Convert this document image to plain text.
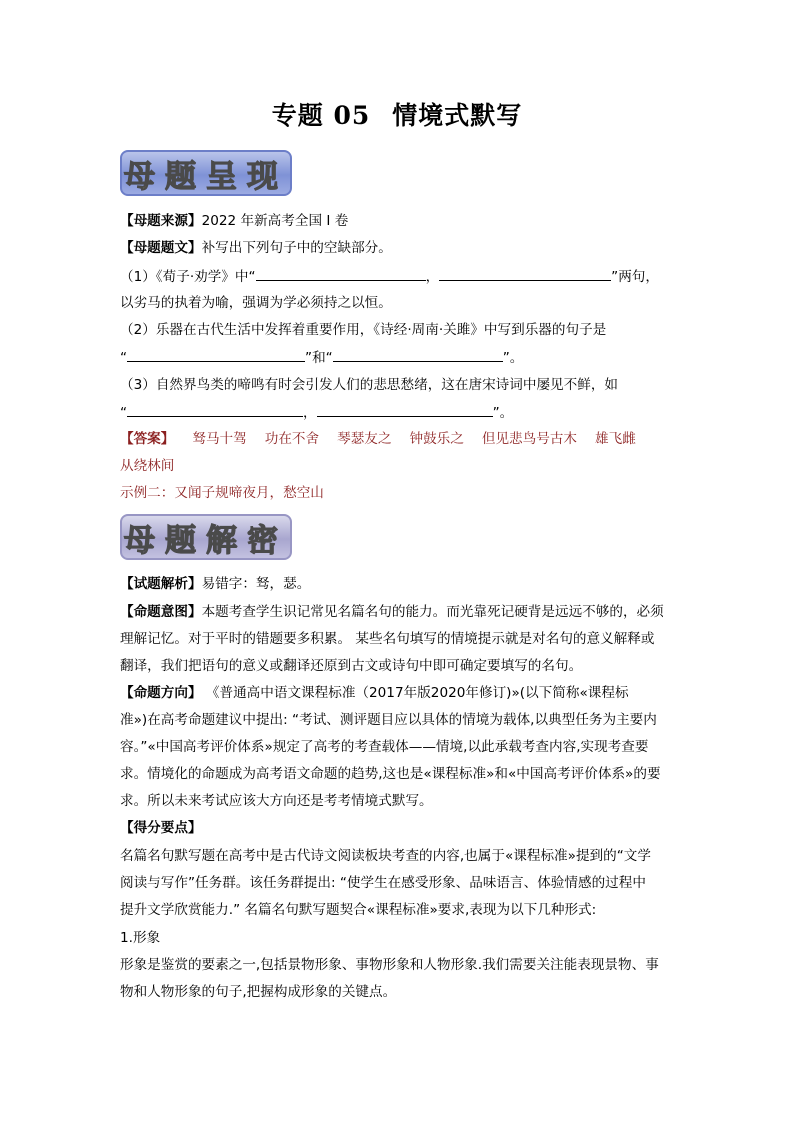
专题 05 情境式默写
母题呈现
【母题来源】2022 年新高考全国 I 卷
【母题题文】补写出下列句子中的空缺部分。
（1）《荀子·劝学》中“	，	”两句，
以劣马的执着为喻，强调为学必须持之以恒。
（2）乐器在古代生活中发挥着重要作用，《诗经·周南·关雎》中写到乐器的句子是
“	”和“	”。
（3）自然界鸟类的啼鸣有时会引发人们的悲思愁绪，这在唐宋诗词中屡见不鲜，如
“	，	”。
【答案】 驽马十驾 功在不舍 琴瑟友之 钟鼓乐之 但见悲鸟号古木 雄飞雌
从绕林间
示例二：又闻子规啼夜月，愁空山
母题解密
【试题解析】易错字：驽，瑟。
【命题意图】本题考查学生识记常见名篇名句的能力。而光靠死记硬背是远远不够的，必须
理解记忆。对于平时的错题要多积累。 某些名句填写的情境提示就是对名句的意义解释或
翻译，我们把语句的意义或翻译还原到古文或诗句中即可确定要填写的名句。
【命题方向】 《普通高中语文课程标准（2017年版2020年修订)»(以下简称«课程标
准»)在高考命题建议中提出: “考试、测评题目应以具体的情境为载体,以典型任务为主要内
容。”«中国高考评价体系»规定了高考的考查载体——情境,以此承载考查内容,实现考查要
求。情境化的命题成为高考语文命题的趋势,这也是«课程标准»和«中国高考评价体系»的要
求。所以未来考试应该大方向还是考考情境式默写。
【得分要点】
名篇名句默写题在高考中是古代诗文阅读板块考查的内容,也属于«课程标准»提到的“文学
阅读与写作”任务群。该任务群提出: “使学生在感受形象、品味语言、体验情感的过程中
提升文学欣赏能力.” 名篇名句默写题契合«课程标准»要求,表现为以下几种形式:
1.形象
形象是鉴赏的要素之一,包括景物形象、事物形象和人物形象.我们需要关注能表现景物、事
物和人物形象的句子,把握构成形象的关键点。
